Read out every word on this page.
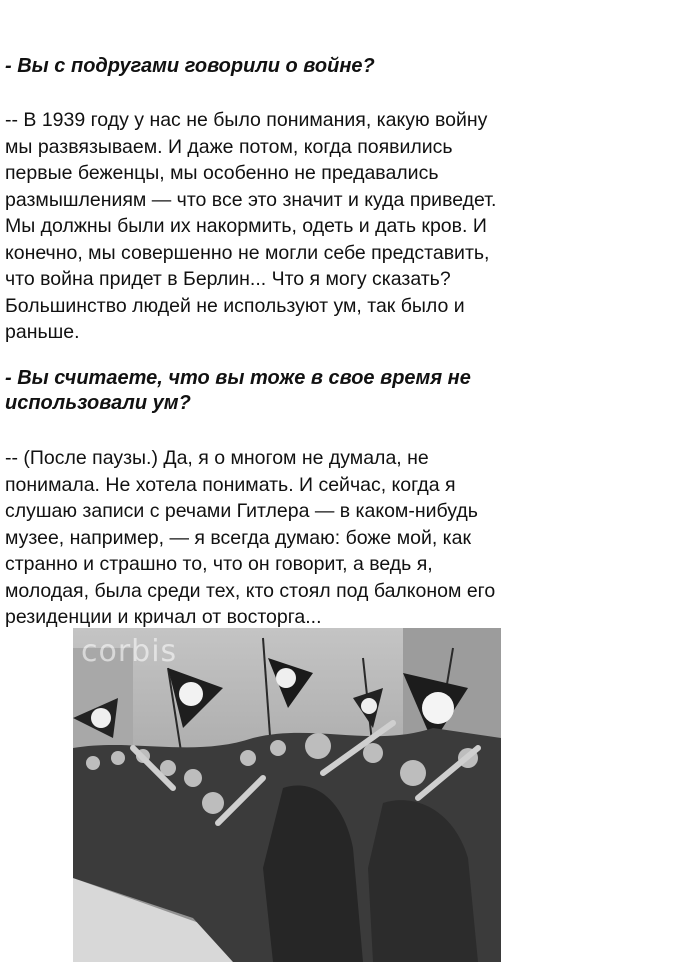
- Вы с подругами говорили о войне?

-- В 1939 году у нас не было понимания, какую войну
мы развязываем. И даже потом, когда появились
первые беженцы, мы особенно не предавались
размышлениям — что все это значит и куда приведет.
Мы должны были их накормить, одеть и дать кров. И
конечно, мы совершенно не могли себе представить,
что война придет в Берлин... Что я могу сказать?
Большинство людей не используют ум, так было и
раньше.

- Вы считаете, что вы тоже в свое время не
использовали ум?

-- (После паузы.) Да, я о многом не думала, не
понимала. Не хотела понимать. И сейчас, когда я
слушаю записи с речами Гитлера — в каком-нибудь
музее, например, — я всегда думаю: боже мой, как
странно и страшно то, что он говорит, а ведь я,
молодая, была среди тех, кто стоял под балконом его
резиденции и кричал от восторга...

corbis
